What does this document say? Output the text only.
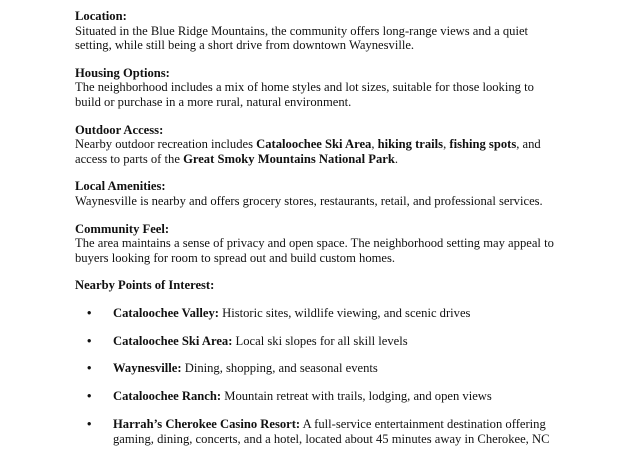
Location:
Situated in the Blue Ridge Mountains, the community offers long-range views and a quiet setting, while still being a short drive from downtown Waynesville.
Housing Options:
The neighborhood includes a mix of home styles and lot sizes, suitable for those looking to build or purchase in a more rural, natural environment.
Outdoor Access:
Nearby outdoor recreation includes Cataloochee Ski Area, hiking trails, fishing spots, and access to parts of the Great Smoky Mountains National Park.
Local Amenities:
Waynesville is nearby and offers grocery stores, restaurants, retail, and professional services.
Community Feel:
The area maintains a sense of privacy and open space. The neighborhood setting may appeal to buyers looking for room to spread out and build custom homes.
Nearby Points of Interest:
• Cataloochee Valley: Historic sites, wildlife viewing, and scenic drives
• Cataloochee Ski Area: Local ski slopes for all skill levels
• Waynesville: Dining, shopping, and seasonal events
• Cataloochee Ranch: Mountain retreat with trails, lodging, and open views
• Harrah’s Cherokee Casino Resort: A full-service entertainment destination offering gaming, dining, concerts, and a hotel, located about 45 minutes away in Cherokee, NC
